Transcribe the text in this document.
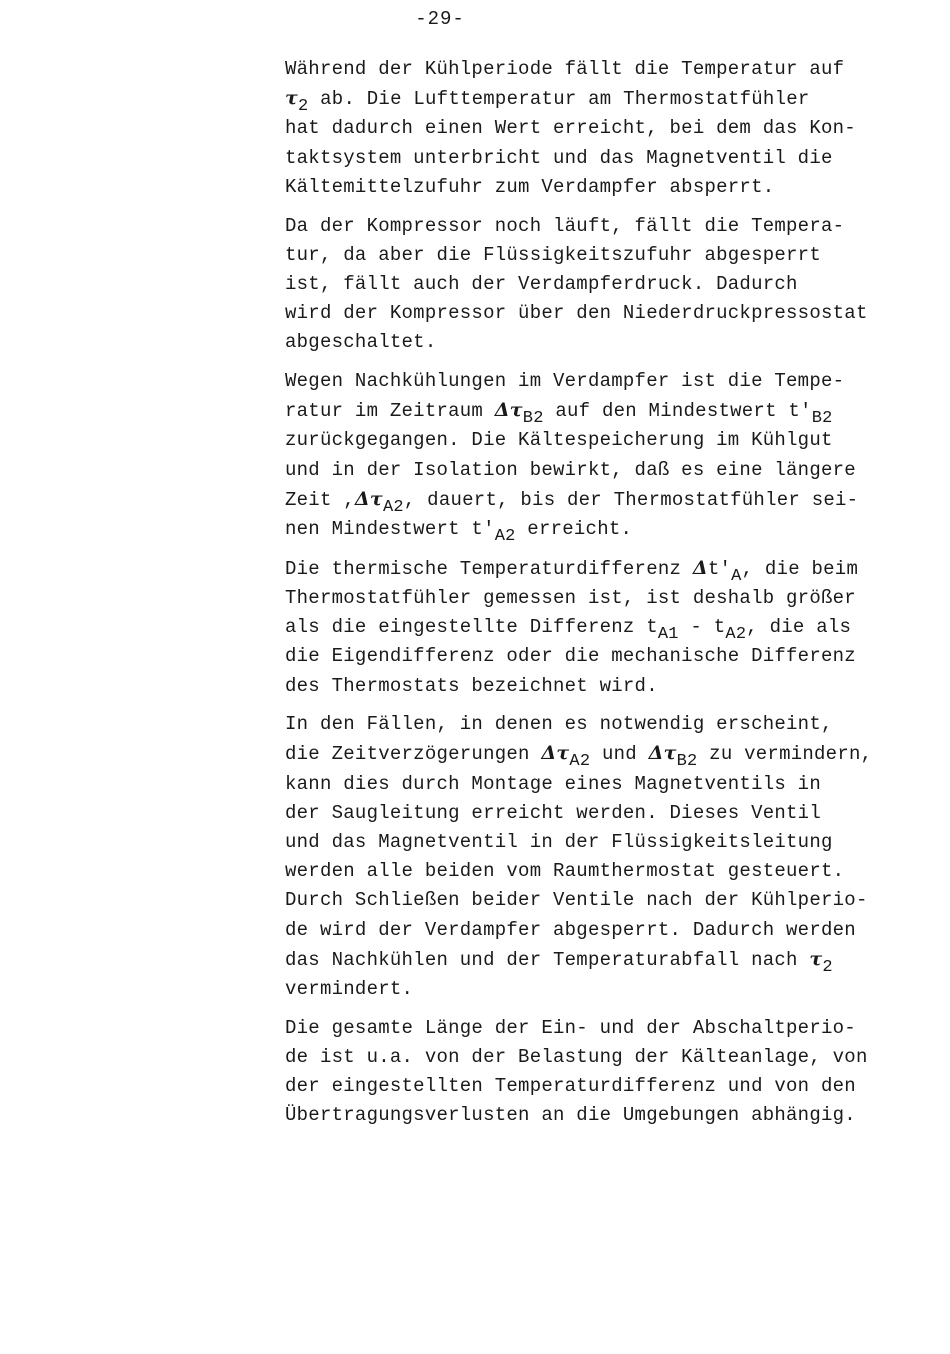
-29-

Während der Kühlperiode fällt die Temperatur auf
$\tau_2$ ab. Die Lufttemperatur am Thermostatfühler
hat dadurch einen Wert erreicht, bei dem das Kon-
taktsystem unterbricht und das Magnetventil die
Kältemittelzufuhr zum Verdampfer absperrt.

Da der Kompressor noch läuft, fällt die Tempera-
tur, da aber die Flüssigkeitszufuhr abgesperrt
ist, fällt auch der Verdampferdruck. Dadurch
wird der Kompressor über den Niederdruckpressostat
abgeschaltet.

Wegen Nachkühlungen im Verdampfer ist die Tempe-
ratur im Zeitraum $\Delta\tau_{B2}$ auf den Mindestwert $t'_{B2}$
zurückgegangen. Die Kältespeicherung im Kühlgut
und in der Isolation bewirkt, daß es eine längere
Zeit $,\Delta\tau_{A2}$, dauert, bis der Thermostatfühler sei-
nen Mindestwert $t'_{A2}$ erreicht.

Die thermische Temperaturdifferenz $\Delta t'_A$, die beim
Thermostatfühler gemessen ist, ist deshalb größer
als die eingestellte Differenz $t_{A1} - t_{A2}$, die als
die Eigendifferenz oder die mechanische Differenz
des Thermostats bezeichnet wird.

In den Fällen, in denen es notwendig erscheint,
die Zeitverzögerungen $\Delta\tau_{A2}$ und $\Delta\tau_{B2}$ zu vermindern,
kann dies durch Montage eines Magnetventils in
der Saugleitung erreicht werden. Dieses Ventil
und das Magnetventil in der Flüssigkeitsleitung
werden alle beiden vom Raumthermostat gesteuert.
Durch Schließen beider Ventile nach der Kühlperio-
de wird der Verdampfer abgesperrt. Dadurch werden
das Nachkühlen und der Temperaturabfall nach $\tau_2$
vermindert.

Die gesamte Länge der Ein- und der Abschaltperio-
de ist u.a. von der Belastung der Kälteanlage, von
der eingestellten Temperaturdifferenz und von den
Übertragungsverlusten an die Umgebungen abhängig.
